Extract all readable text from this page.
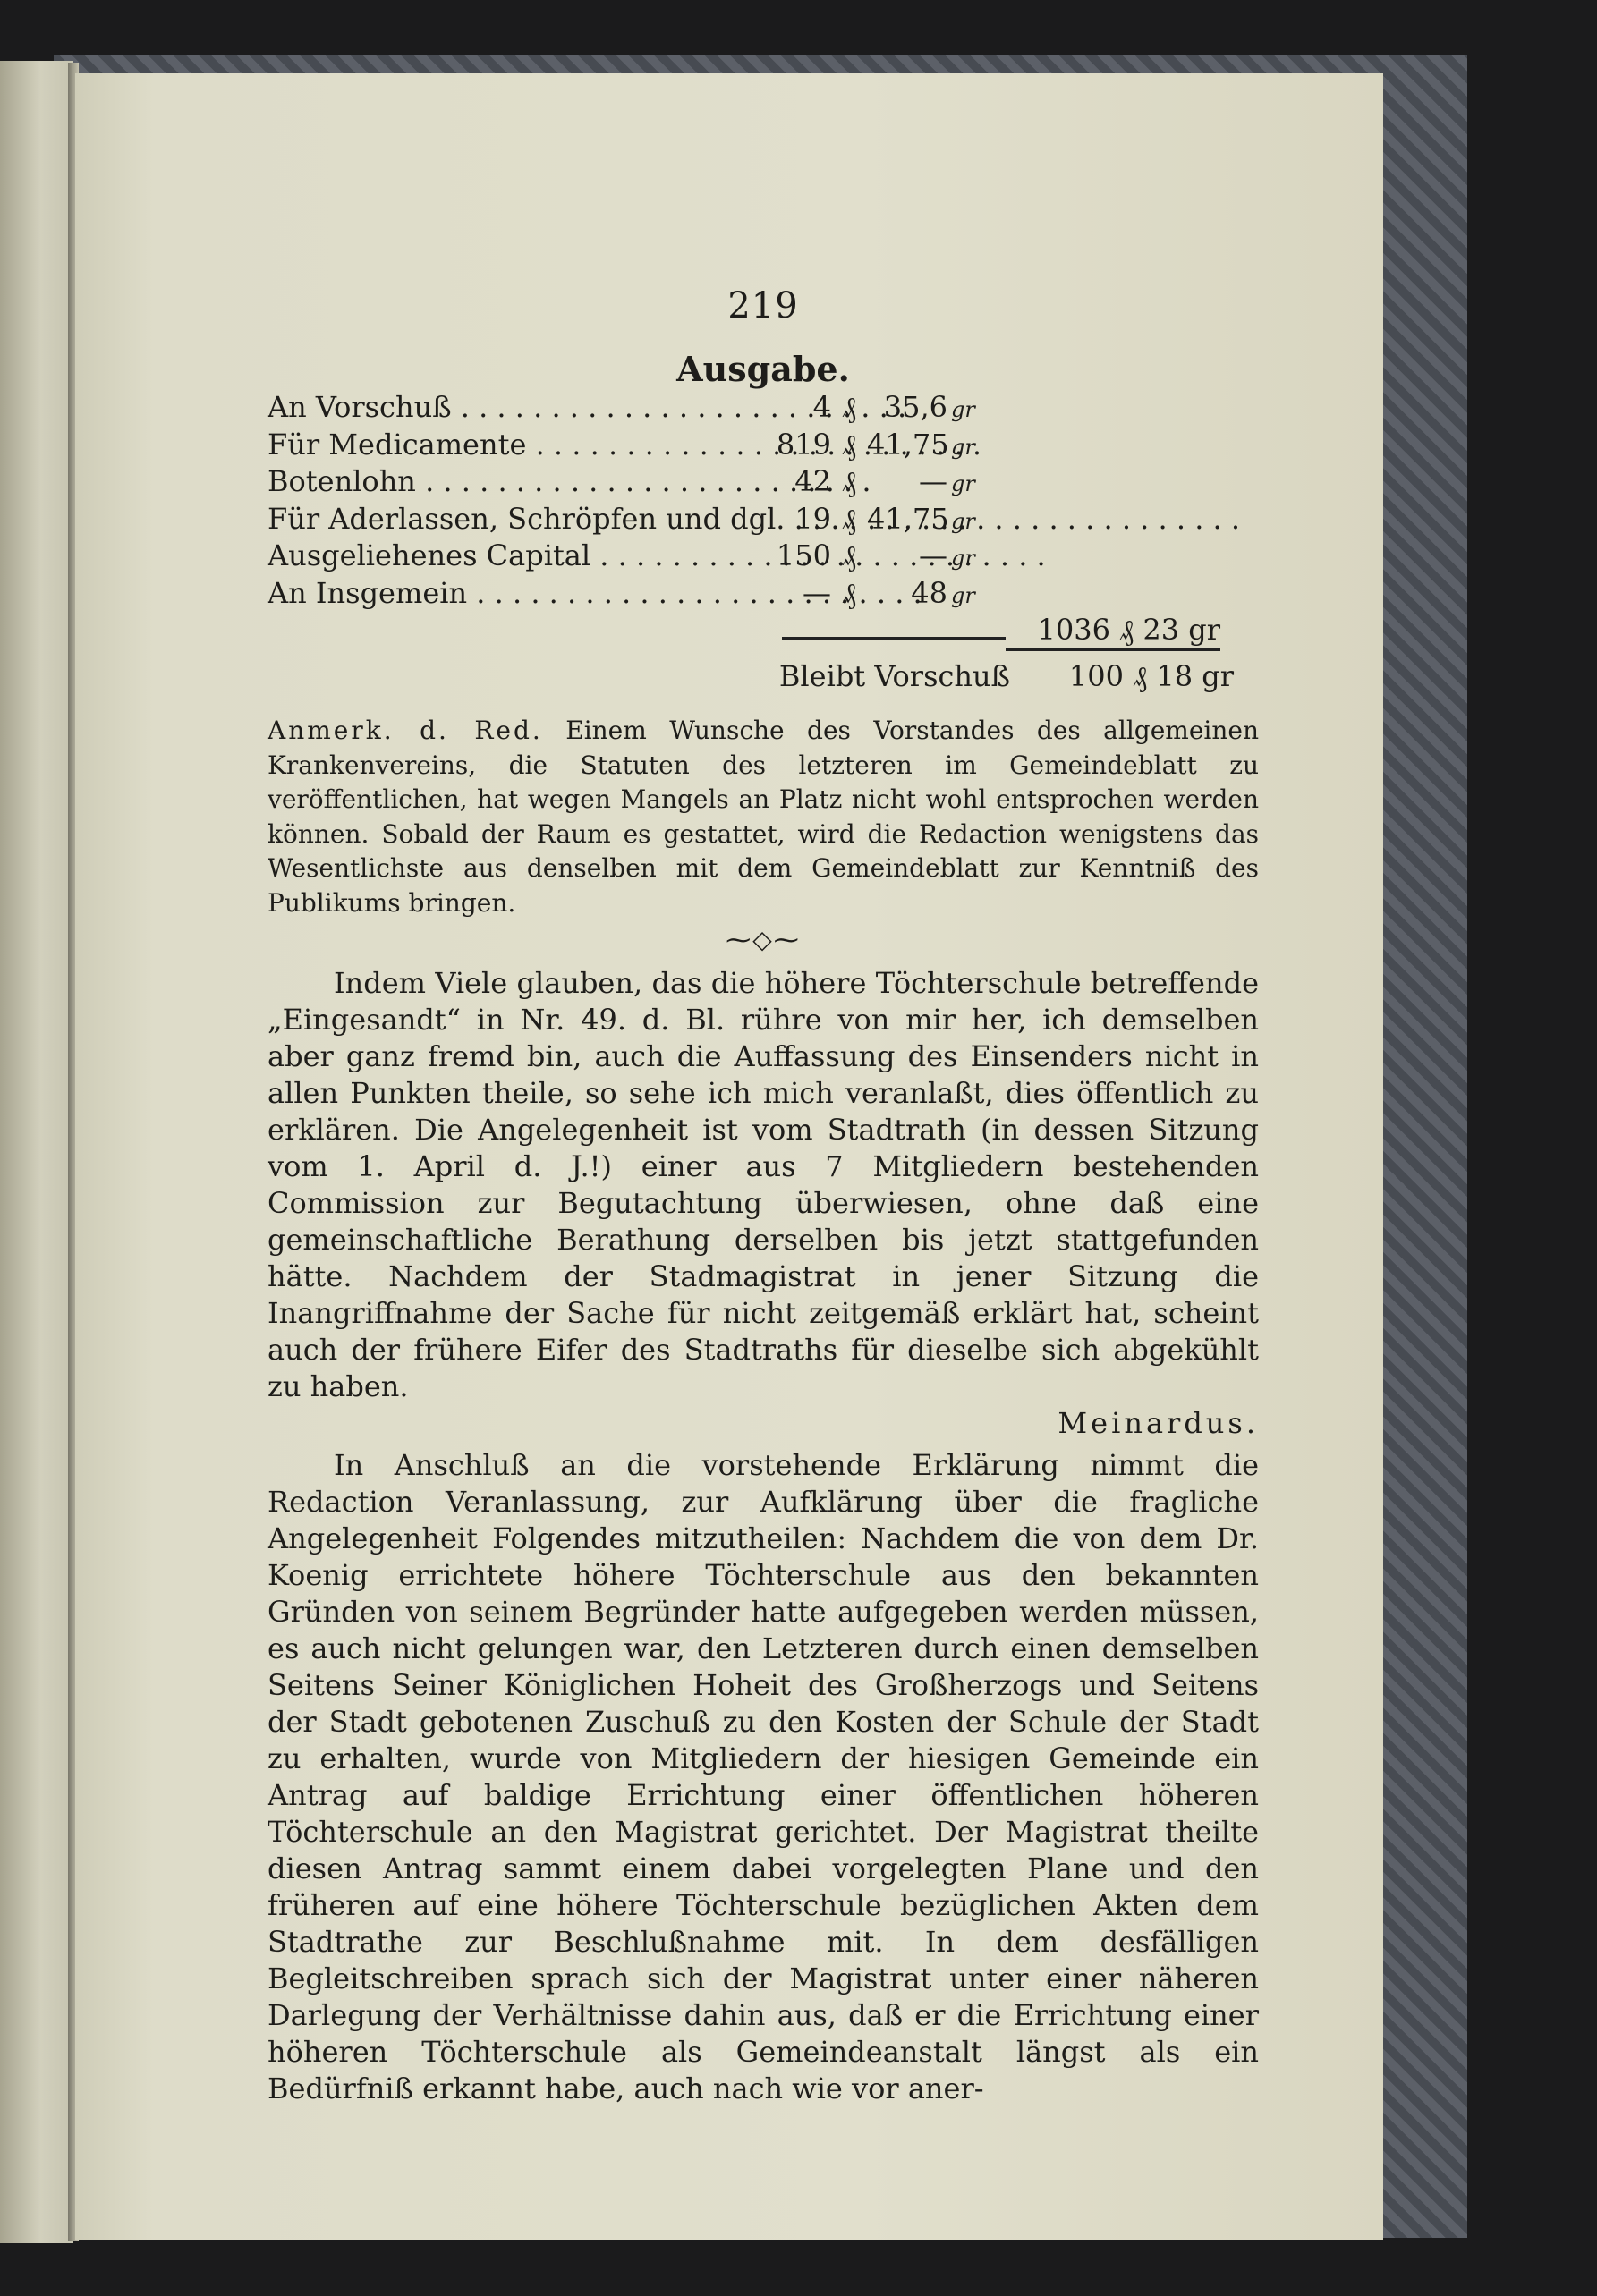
219
Ausgabe.
An Vorschuß . . .	4 ₰ 35,6 gr
Für Medicamente . . .	819 ₰ 41,75 gr
Botenlohn . . .	42 ₰	— gr
Für Aderlassen, Schröpfen und dgl. . . . 19 ₰ 41,75 gr
Ausgeliehenes Capital . . .	150 ₰	— gr
An Insgemein . . .	— ₰	48 gr
1036 ₰ 23 gr
Bleibt Vorschuß	100 ₰ 18 gr
Anmerk. d. Red. Einem Wunsche des Vorstandes des allgemeinen Krankenvereins, die Statuten des letzteren im Gemeindeblatt zu veröffentlichen, hat wegen Mangels an Platz nicht wohl entsprochen werden können. Sobald der Raum es gestattet, wird die Redaction wenigstens das Wesentlichste aus denselben mit dem Gemeindeblatt zur Kenntniß des Publikums bringen.
⁓◇⁓

Indem Viele glauben, das die höhere Töchterschule betreffende „Eingesandt“ in Nr. 49. d. Bl. rühre von mir her, ich demselben aber ganz fremd bin, auch die Auffassung des Einsenders nicht in allen Punkten theile, so sehe ich mich veranlaßt, dies öffentlich zu erklären. Die Angelegenheit ist vom Stadtrath (in dessen Sitzung vom 1. April d. J.!) einer aus 7 Mitgliedern bestehenden Commission zur Begutachtung überwiesen, ohne daß eine gemeinschaftliche Berathung derselben bis jetzt stattgefunden hätte. Nachdem der Stadmagistrat in jener Sitzung die Inangriffnahme der Sache für nicht zeitgemäß erklärt hat, scheint auch der frühere Eifer des Stadtraths für dieselbe sich abgekühlt zu haben.

Meinardus.

In Anschluß an die vorstehende Erklärung nimmt die Redaction Veranlassung, zur Aufklärung über die fragliche Angelegenheit Folgendes mitzutheilen: Nachdem die von dem Dr. Koenig errichtete höhere Töchterschule aus den bekannten Gründen von seinem Begründer hatte aufgegeben werden müssen, es auch nicht gelungen war, den Letzteren durch einen demselben Seitens Seiner Königlichen Hoheit des Großherzogs und Seitens der Stadt gebotenen Zuschuß zu den Kosten der Schule der Stadt zu erhalten, wurde von Mitgliedern der hiesigen Gemeinde ein Antrag auf baldige Errichtung einer öffentlichen höheren Töchterschule an den Magistrat gerichtet. Der Magistrat theilte diesen Antrag sammt einem dabei vorgelegten Plane und den früheren auf eine höhere Töchterschule bezüglichen Akten dem Stadtrathe zur Beschlußnahme mit. In dem desfälligen Begleitschreiben sprach sich der Magistrat unter einer näheren Darlegung der Verhältnisse dahin aus, daß er die Errichtung einer höheren Töchterschule als Gemeindeanstalt längst als ein Bedürfniß erkannt habe, auch nach wie vor aner-
